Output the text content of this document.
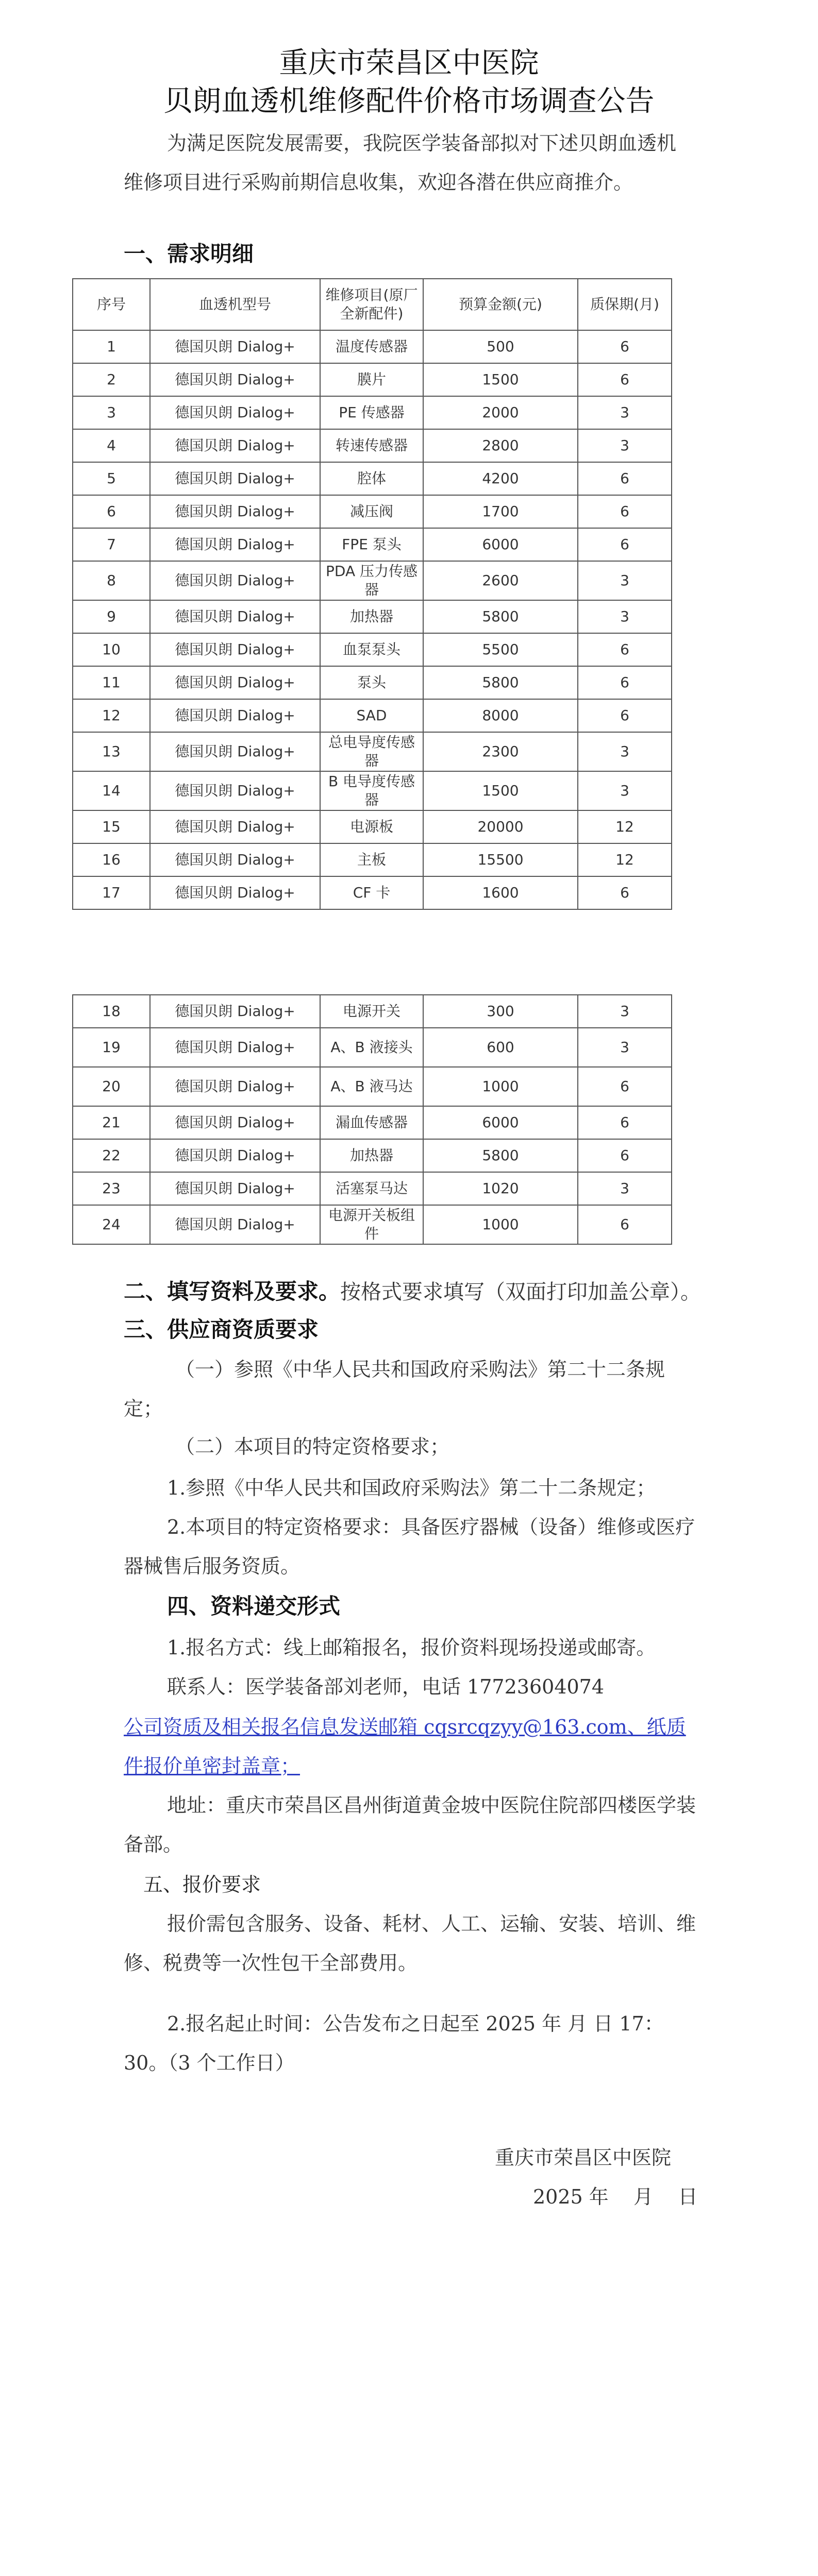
重庆市荣昌区中医院
贝朗血透机维修配件价格市场调查公告
为满足医院发展需要，我院医学装备部拟对下述贝朗血透机维修项目进行采购前期信息收集，欢迎各潜在供应商推介。
一、需求明细
序号	血透机型号	维修项目(原厂全新配件)	预算金额(元)	质保期(月)
1	德国贝朗 Dialog+	温度传感器	500	6
2	德国贝朗 Dialog+	膜片	1500	6
3	德国贝朗 Dialog+	PE 传感器	2000	3
4	德国贝朗 Dialog+	转速传感器	2800	3
5	德国贝朗 Dialog+	腔体	4200	6
6	德国贝朗 Dialog+	减压阀	1700	6
7	德国贝朗 Dialog+	FPE 泵头	6000	6
8	德国贝朗 Dialog+	PDA 压力传感器	2600	3
9	德国贝朗 Dialog+	加热器	5800	3
10	德国贝朗 Dialog+	血泵泵头	5500	6
11	德国贝朗 Dialog+	泵头	5800	6
12	德国贝朗 Dialog+	SAD	8000	6
13	德国贝朗 Dialog+	总电导度传感器	2300	3
14	德国贝朗 Dialog+	B 电导度传感器	1500	3
15	德国贝朗 Dialog+	电源板	20000	12
16	德国贝朗 Dialog+	主板	15500	12
17	德国贝朗 Dialog+	CF 卡	1600	6
18	德国贝朗 Dialog+	电源开关	300	3
19	德国贝朗 Dialog+	A、B 液接头	600	3
20	德国贝朗 Dialog+	A、B 液马达	1000	6
21	德国贝朗 Dialog+	漏血传感器	6000	6
22	德国贝朗 Dialog+	加热器	5800	6
23	德国贝朗 Dialog+	活塞泵马达	1020	3
24	德国贝朗 Dialog+	电源开关板组件	1000	6
二、填写资料及要求。按格式要求填写（双面打印加盖公章）。
三、供应商资质要求
（一）参照《中华人民共和国政府采购法》第二十二条规定；
（二）本项目的特定资格要求；
1.参照《中华人民共和国政府采购法》第二十二条规定；
2.本项目的特定资格要求：具备医疗器械（设备）维修或医疗器械售后服务资质。
四、资料递交形式
1.报名方式：线上邮箱报名，报价资料现场投递或邮寄。
联系人：医学装备部刘老师，电话 17723604074
公司资质及相关报名信息发送邮箱 cqsrcqzyy@163.com、纸质件报价单密封盖章；
地址：重庆市荣昌区昌州街道黄金坡中医院住院部四楼医学装备部。
五、报价要求
报价需包含服务、设备、耗材、人工、运输、安装、培训、维修、税费等一次性包干全部费用。
2.报名起止时间：公告发布之日起至 2025 年 月 日 17：30。（3 个工作日）
重庆市荣昌区中医院
2025 年 月 日
